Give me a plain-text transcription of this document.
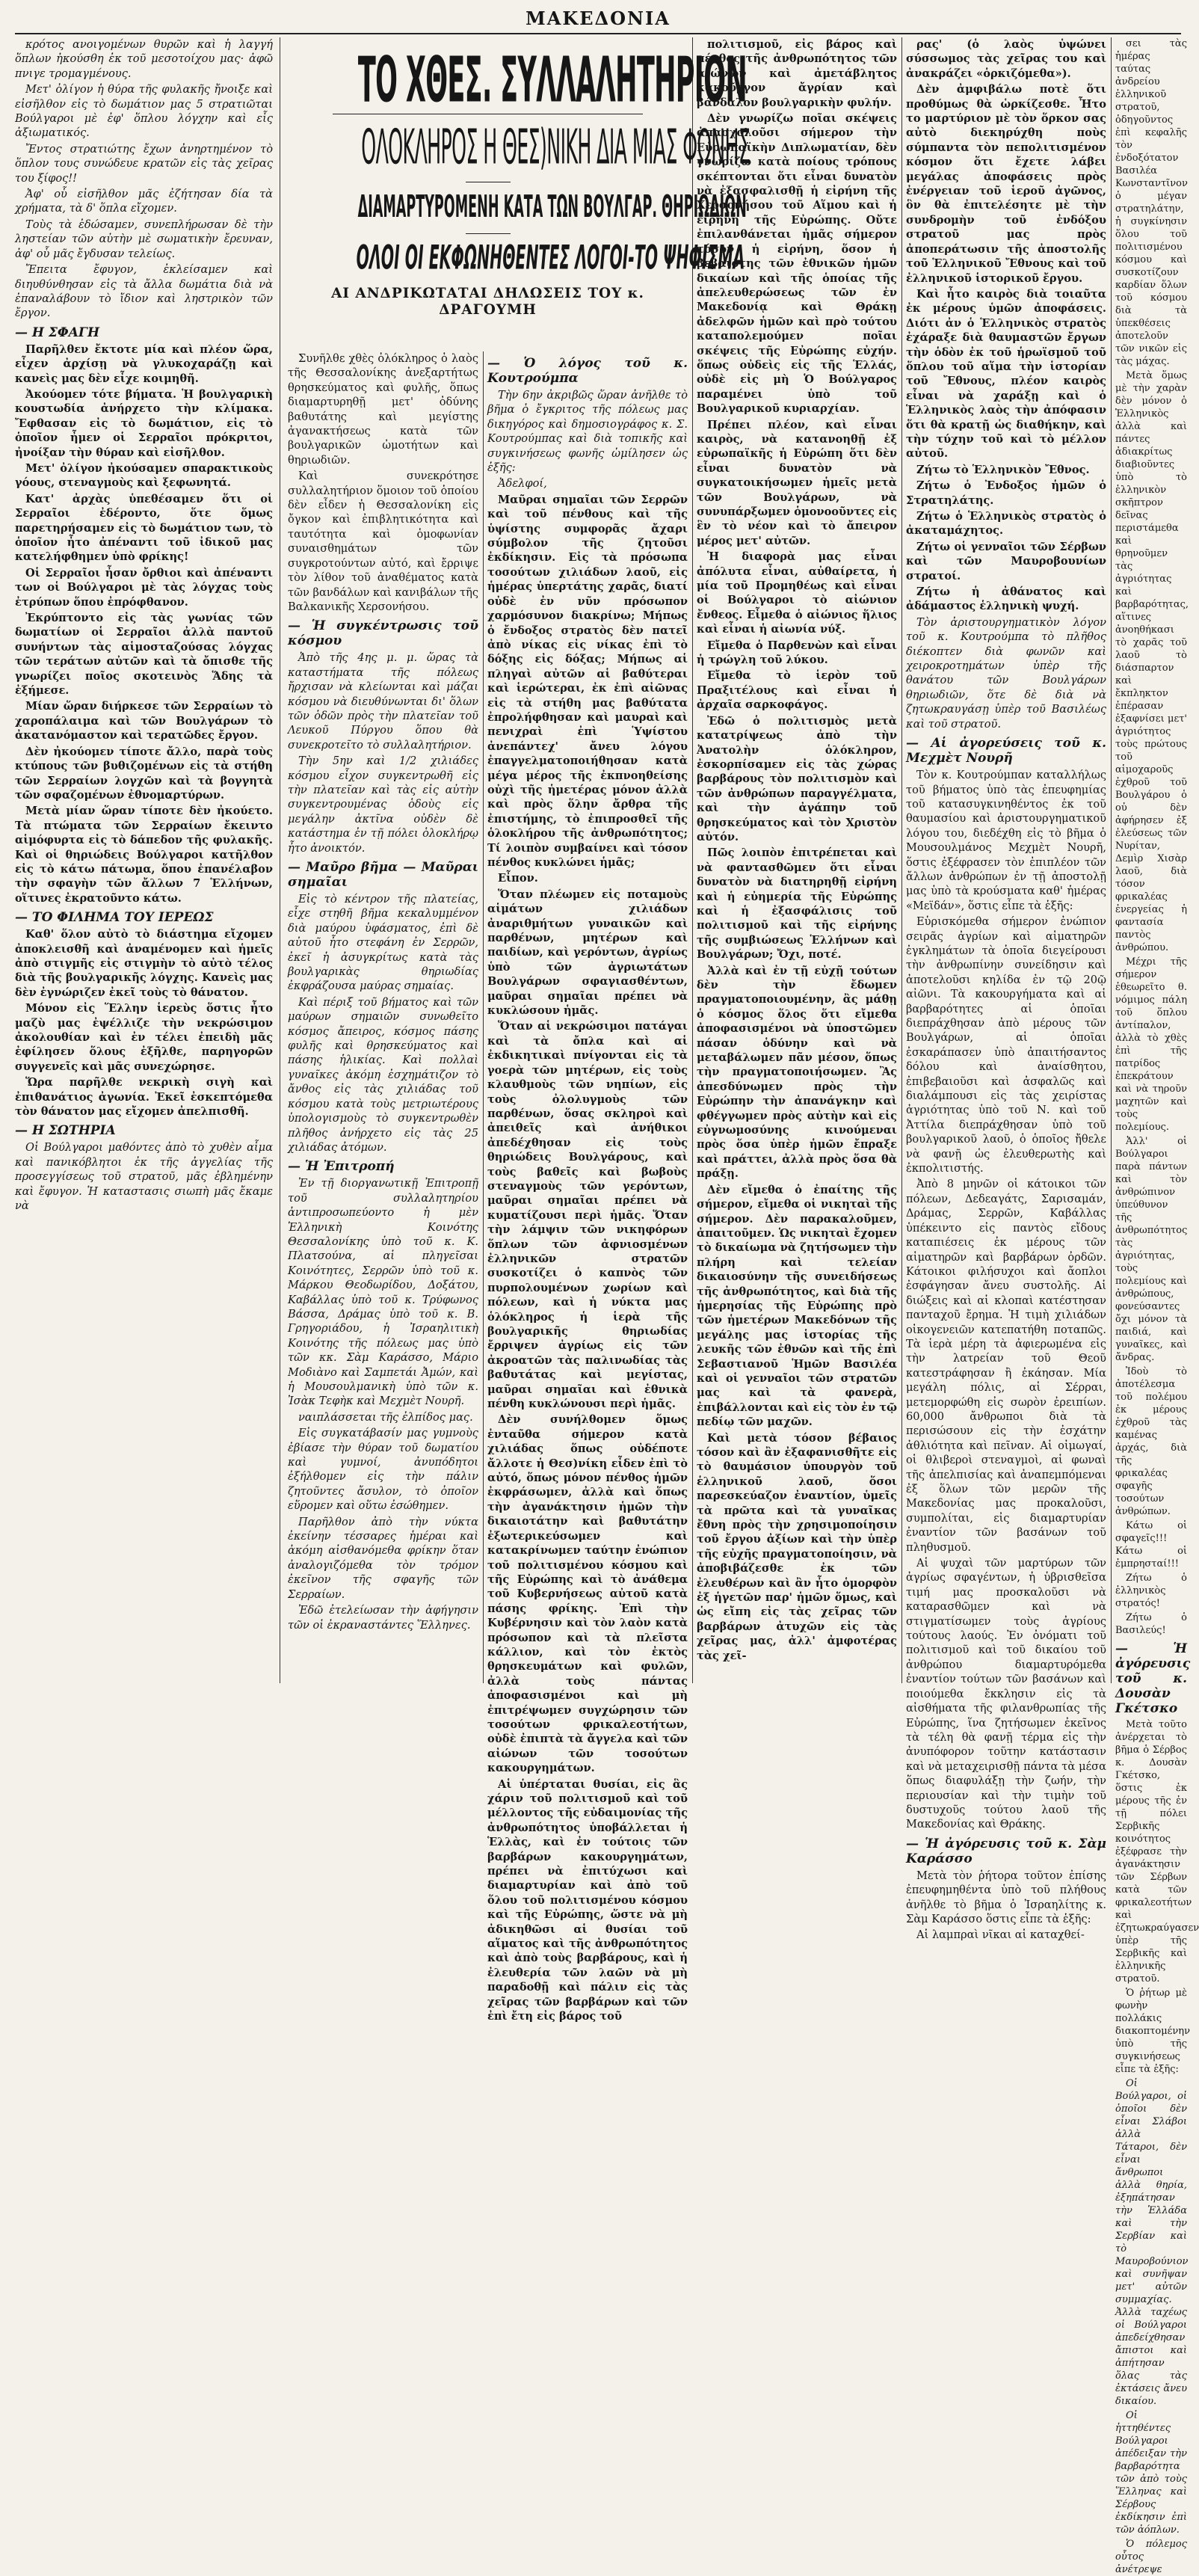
ΜΑΚΕΔΟΝΙΑ
ΤΟ ΧΘΕΣ. ΣΥΛΛΑΛΗΤΗΡΙΟΝ
ΟΛΟΚΛΗΡΟΣ Η ΘΕΣ)ΝΙΚΗ ΔΙΑ ΜΙΑΣ ΦΩΝΗΣ
ΔΙΑΜΑΡΤΥΡΟΜΕΝΗ ΚΑΤΑ ΤΩΝ ΒΟΥΛΓΑΡ. ΘΗΡΙΩΔΙΩΝ
ΟΛΟΙ ΟΙ ΕΚΦΩΝΗΘΕΝΤΕΣ ΛΟΓΟΙ-ΤΟ ΨΗΦΙΣΜΑ
ΑΙ ΑΝΔΡΙΚΩΤΑΤΑΙ ΔΗΛΩΣΕΙΣ ΤΟΥ κ. ΔΡΑΓΟΥΜΗ

κρότος ανοιγομένων θυρῶν καὶ ἡ λαγγή ὅπλων ἠκούσθη ἐκ τοῦ μεσοτοίχου μας· ἀφῶ πνιγε τρομαγμένους.

Μετ' ὀλίγον ἡ θύρα τῆς φυλακῆς ἤνοιξε καὶ εἰσῆλθον εἰς τὸ δωμάτιον μας 5 στρατιῶται Βούλγαροι μὲ ἐφ' ὅπλου λόγχην καὶ εἷς ἀξιωματικός.

Ἔντος στρατιώτης ἔχων ἀνηρτημένον τὸ ὅπλον τους συνώδευε κρατῶν εἰς τὰς χεῖρας του ξίφος!!

Ἀφ' οὗ εἰσῆλθον μᾶς ἐζήτησαν δία τὰ χρήματα, τὰ δ' ὅπλα εἴχομεν.

Τοὺς τὰ ἐδώσαμεν, συνεπλήρωσαν δὲ τὴν ληστείαν τῶν αὐτὴν μὲ σωματικὴν ἔρευναν, ἀφ' οὗ μᾶς ἔγδυσαν τελείως.

Ἔπειτα ἔφυγον, ἐκλείσαμεν καὶ διηυθύνθησαν εἰς τὰ ἄλλα δωμάτια διὰ νὰ ἐπαναλάβουν τὸ ἴδιον καὶ ληστρικὸν τῶν ἔργον.

— Η ΣΦΑΓΗ

Παρῆλθεν ἔκτοτε μία καὶ πλέον ὥρα, εἶχεν ἀρχίσῃ νὰ γλυκοχαράζῃ καὶ κανεὶς μας δὲν εἶχε κοιμηθῆ.

Ἀκούομεν τότε βήματα. Ἡ βουλγαρικὴ κουστωδία ἀνήρχετο τὴν κλίμακα. Ἔφθασαν εἰς τὸ δωμάτιον, εἰς τὸ ὁποῖον ἦμεν οἱ Σερραῖοι πρόκριτοι, ἠνοίξαν τὴν θύραν καὶ εἰσῆλθον.

Μετ' ὀλίγον ἠκούσαμεν σπαρακτικοὺς γόους, στεναγμοὺς καὶ ξεφωνητά.

Κατ' ἀρχὰς ὑπεθέσαμεν ὅτι οἱ Σερραῖοι ἐδέροντο, ὅτε ὅμως παρετηρήσαμεν εἰς τὸ δωμάτιον των, τὸ ὁποῖον ἦτο ἀπέναντι τοῦ ἰδικοῦ μας κατελήφθημεν ὑπὸ φρίκης!

Οἱ Σερραῖοι ἦσαν ὄρθιοι καὶ ἀπέναντι των οἱ Βούλγαροι μὲ τὰς λόγχας τοὺς ἐτρύπων ὅπου ἐπρόφθανον.

Ἐκρύπτοντο εἰς τὰς γωνίας τῶν δωματίων οἱ Σερραῖοι ἀλλὰ παντοῦ συνήντων τὰς αἱμοσταζούσας λόγχας τῶν τεράτων αὐτῶν καὶ τὰ ὄπισθε τῆς γνωρίζει ποῖος σκοτεινὸς Ἅδης τὰ ἐξήμεσε.

Μίαν ὥραν διήρκεσε τῶν Σερραίων τὸ χαροπάλαιμα καὶ τῶν Βουλγάρων τὸ ἀκατανόμαστον καὶ τερατῶδες ἔργον.

Δὲν ἠκούομεν τίποτε ἄλλο, παρὰ τοὺς κτύπους τῶν βυθιζομένων εἰς τὰ στήθη τῶν Σερραίων λογχῶν καὶ τὰ βογγητὰ τῶν σφαζομένων ἐθνομαρτύρων.

Μετὰ μίαν ὥραν τίποτε δὲν ἠκούετο. Τὰ πτώματα τῶν Σερραίων ἔκειντο αἱμόφυρτα εἰς τὸ δάπεδον τῆς φυλακῆς. Καὶ οἱ θηριώδεις Βούλγαροι κατῆλθον εἰς τὸ κάτω πάτωμα, ὅπου ἐπανέλαβον τὴν σφαγὴν τῶν ἄλλων 7 Ἑλλήνων, οἵτινες ἐκρατοῦντο κάτω.

— ΤΟ ΦΙΛΗΜΑ ΤΟΥ ΙΕΡΕΩΣ

Καθ' ὅλον αὐτὸ τὸ διάστημα εἴχομεν ἀποκλεισθῆ καὶ ἀναμένομεν καὶ ἡμεῖς ἀπὸ στιγμῆς εἰς στιγμὴν τὸ αὐτὸ τέλος διὰ τῆς βουλγαρικῆς λόγχης. Κανεὶς μας δὲν ἐγνώριζεν ἐκεῖ τοὺς τὸ θάνατον.

Μόνον εἰς Ἕλλην ἱερεὺς ὅστις ἦτο μαζὺ μας ἐψέλλιζε τὴν νεκρώσιμον ἀκολουθίαν καὶ ἐν τέλει ἐπειδὴ μᾶς ἐφίλησεν ὅλους ἐξῆλθε, παρηγορῶν συγγενεῖς καὶ μᾶς συνεχώρησε.

Ὥρα παρῆλθε νεκρικὴ σιγὴ καὶ ἐπιθανάτιος ἀγωνία. Ἐκεῖ ἐσκεπτόμεθα τὸν θάνατον μας εἴχομεν ἀπελπισθῆ.

— Η ΣΩΤΗΡΙΑ

Οἱ Βούλγαροι μαθόντες ἀπὸ τὸ χυθὲν αἷμα καὶ πανικόβλητοι ἐκ τῆς ἀγγελίας τῆς προσεγγίσεως τοῦ στρατοῦ, μᾶς ἐβλημένην καὶ ἔφυγον. Ἡ καταστασις σιωπὴ μᾶς ἔκαμε νὰ

Συνῆλθε χθὲς ὁλόκληρος ὁ λαὸς τῆς Θεσσαλονίκης ἀνεξαρτήτως θρησκεύματος καὶ φυλῆς, ὅπως διαμαρτυρηθῇ μετ' ὀδύνης βαθυτάτης καὶ μεγίστης ἀγανακτήσεως κατὰ τῶν βουλγαρικῶν ὠμοτήτων καὶ θηριωδιῶν.

Καὶ συνεκρότησε συλλαλητήριον ὅμοιον τοῦ ὁποίου δὲν εἶδεν ἡ Θεσσαλονίκη εἰς ὄγκον καὶ ἐπιβλητικότητα καὶ ταυτότητα καὶ ὁμοφωνίαν συναισθημάτων τῶν συγκροτούντων αὐτό, καὶ ἔρριψε τὸν λίθον τοῦ ἀναθέματος κατὰ τῶν βανδάλων καὶ κανιβάλων τῆς Βαλκανικῆς Χερσονήσου.

— Ἡ συγκέντρωσις τοῦ κόσμου

Ἀπὸ τῆς 4ης μ. μ. ὥρας τὰ καταστήματα τῆς πόλεως ἤρχισαν νὰ κλείωνται καὶ μάζαι κόσμου νὰ διευθύνωνται δι' ὅλων τῶν ὁδῶν πρὸς τὴν πλατεῖαν τοῦ Λευκοῦ Πύργου ὅπου θὰ συνεκροτεῖτο τὸ συλλαλητήριον.

Τὴν 5ην καὶ 1/2 χιλιάδες κόσμου εἶχον συγκεντρωθῆ εἰς τὴν πλατεῖαν καὶ τὰς εἰς αὐτὴν συγκεντρουμένας ὁδοὺς εἰς μεγάλην ἀκτῖνα οὐδὲν δὲ κατάστημα ἐν τῇ πόλει ὁλοκλήρῳ ἦτο ἀνοικτόν.

— Μαῦρο βῆμα — Μαῦραι σημαῖαι

Εἰς τὸ κέντρον τῆς πλατείας, εἶχε στηθῆ βῆμα κεκαλυμμένον διὰ μαύρου ὑφάσματος, ἐπὶ δὲ αὐτοῦ ἦτο στεφάνη ἐν Σερρῶν, ἐκεῖ ἡ ἀσυγκρίτως κατὰ τὰς βουλγαρικὰς θηριωδίας ἐκφράζουσα μαύρας σημαίας.

Καὶ πέριξ τοῦ βήματος καὶ τῶν μαύρων σημαιῶν συνωθεῖτο κόσμος ἄπειρος, κόσμος πάσης φυλῆς καὶ θρησκεύματος καὶ πάσης ἡλικίας. Καὶ πολλαὶ γυναῖκες ἀκόμη ἐσχημάτιζον τὸ ἄνθος εἰς τὰς χιλιάδας τοῦ κόσμου κατὰ τοὺς μετριωτέρους ὑπολογισμοὺς τὸ συγκεντρωθὲν πλῆθος ἀνήρχετο εἰς τὰς 25 χιλιάδας ἀτόμων.

— Ἡ Ἐπιτροπή

Ἐν τῇ διοργανωτικῇ Ἐπιτροπῇ τοῦ συλλαλητηρίου ἀντιπροσωπεύοντο ἡ μὲν Ἑλληνικὴ Κοινότης Θεσσαλονίκης ὑπὸ τοῦ κ. Κ. Πλατσούνα, αἱ πληγεῖσαι Κοινότητες, Σερρῶν ὑπὸ τοῦ κ. Μάρκου Θεοδωρίδου, Δοξάτου, Καβάλλας ὑπὸ τοῦ κ. Τρύφωνος Βάσσα, Δράμας ὑπὸ τοῦ κ. Β. Γρηγοριάδου, ἡ Ἰσραηλιτικὴ Κοινότης τῆς πόλεως μας ὑπὸ τῶν κκ. Σὰμ Καράσσο, Μάριο Μοδιὰνο καὶ Σαμπετάι Ἀμών, καὶ ἡ Μουσουλμανικὴ ὑπὸ τῶν κ. Ἰσὰκ Τεφὴκ καὶ Μεχμὲτ Νουρῆ.

ναιπλάσσεται τῆς ἐλπίδος μας.

Εἰς συγκατάβασίν μας γυμνοὺς ἐβίασε τὴν θύραν τοῦ δωματίου καὶ γυμνοί, ἀνυπόδητοι ἐξήλθομεν εἰς τὴν πάλιν ζητοῦντες ἄσυλον, τὸ ὁποῖον εὕρομεν καὶ οὕτω ἐσώθημεν.

Παρῆλθον ἀπὸ τὴν νύκτα ἐκείνην τέσσαρες ἡμέραι καὶ ἀκόμη αἰσθανόμεθα φρίκην ὅταν ἀναλογιζόμεθα τὸν τρόμον ἐκεῖνον τῆς σφαγῆς τῶν Σερραίων.

Ἐδῶ ἐτελείωσαν τὴν ἀφήγησιν τῶν οἱ ἐκραναστάντες Ἕλληνες.

— Ὁ λόγος τοῦ κ. Κουτρούμπα

Τὴν 6ην ἀκριβῶς ὥραν ἀνῆλθε τὸ βῆμα ὁ ἔγκριτος τῆς πόλεως μας δικηγόρος καὶ δημοσιογράφος κ. Σ. Κουτρούμπας καὶ διὰ τοπικῆς καὶ συγκινήσεως φωνῆς ὡμίλησεν ὡς ἑξῆς:

Ἀδελφοί,

Μαῦραι σημαῖαι τῶν Σερρῶν καὶ τοῦ πένθους καὶ τῆς ὑψίστης συμφορᾶς ἄχαρι σύμβολον τῆς ζητοῦσι ἐκδίκησιν. Εἰς τὰ πρόσωπα τοσούτων χιλιάδων λαοῦ, εἰς ἡμέρας ὑπερτάτης χαρᾶς, διατί οὐδὲ ἐν νῦν πρόσωπον χαρμόσυνον διακρίνω; Μήπως ὁ ἔνδοξος στρατὸς δὲν πατεῖ ἀπὸ νίκας εἰς νίκας ἐπὶ τὸ δόξης εἰς δόξας; Μήπως αἱ πληγαὶ αὐτῶν αἱ βαθύτεραι καὶ ἱερώτεραι, ἐκ ἐπὶ αἰῶνας εἰς τὰ στήθη μας βαθύτατα ἐπρολήφθησαν καὶ μαυραὶ καὶ πενιχραὶ ἐπὶ Ὑψίστου ἀνεπάντεχ' ἄνευ λόγου ἐπαγγελματοποιήθησαν κατὰ μέγα μέρος τῆς ἐκπνοηθείσης οὐχὶ τῆς ἡμετέρας μόνον ἀλλὰ καὶ πρὸς ὅλην ἄρθρα τῆς ἐπιστήμης, τὸ ἐπιπροσθεῖ τῆς ὁλοκλήρου τῆς ἀνθρωπότητος; Τί λοιπὸν συμβαίνει καὶ τόσον πένθος κυκλώνει ἡμᾶς;

Εἶπον.

Ὅταν πλέωμεν εἰς ποταμοὺς αἱμάτων χιλιάδων ἀναριθμήτων γυναικῶν καὶ παρθένων, μητέρων καὶ παιδίων, καὶ γερόντων, ἀγρίως ὑπὸ τῶν ἀγριωτάτων Βουλγάρων σφαγιασθέντων, μαῦραι σημαῖαι πρέπει νὰ κυκλώσουν ἡμᾶς.

Ὅταν αἱ νεκρώσιμοι πατάγαι καὶ τὰ ὄπλα καὶ αἱ ἐκδικητικαὶ πνίγονται εἰς τὰ γοερὰ τῶν μητέρων, εἰς τοὺς κλαυθμοὺς τῶν νηπίων, εἰς τοὺς ὀλολυγμοὺς τῶν παρθένων, ὅσας σκληροὶ καὶ ἀπειθεῖς καὶ ἀνήθικοι ἀπεδέχθησαν εἰς τοὺς θηριώδεις Βουλγάρους, καὶ τοὺς βαθεῖς καὶ βωβοὺς στεναγμοὺς τῶν γερόντων, μαῦραι σημαῖαι πρέπει νὰ κυματίζουσι περὶ ἡμᾶς. Ὅταν τὴν λάμψιν τῶν νικηφόρων ὅπλων τῶν ἀφνιοσμένων ἐλληνικῶν στρατῶν συσκοτίζει ὁ καπνὸς τῶν πυρπολουμένων χωρίων καὶ πόλεων, καὶ ἡ νύκτα μας ὁλόκληρος ἡ ἱερὰ τῆς βουλγαρικῆς θηριωδίας ἔρριψεν ἀγρίως εἰς τῶν ἀκροατῶν τὰς παλινωδίας τὰς βαθυτάτας καὶ μεγίστας, μαῦραι σημαῖαι καὶ ἐθνικὰ πένθη κυκλώνουσι περὶ ἡμᾶς.

Δὲν συνήλθομεν ὅμως ἐνταῦθα σήμερον κατὰ χιλιάδας ὅπως οὐδέποτε ἄλλοτε ἡ Θεσ)νίκη εἶδεν ἐπὶ τὸ αὐτό, ὅπως μόνον πένθος ἡμῶν ἐκφράσωμεν, ἀλλὰ καὶ ὅπως τὴν ἀγανάκτησιν ἡμῶν τὴν δικαιοτάτην καὶ βαθυτάτην ἐξωτερικεύσωμεν καὶ κατακρίνωμεν ταύτην ἐνώπιον τοῦ πολιτισμένου κόσμου καὶ τῆς Εὐρώπης καὶ τὸ ἀνάθεμα τοῦ Κυβερνήσεως αὐτοῦ κατὰ πάσης φρίκης. Ἐπὶ τὴν Κυβέρνησιν καὶ τὸν λαὸν κατὰ πρόσωπον καὶ τὰ πλεῖστα κάλλιον, καὶ τὸν ἐκτὸς θρησκευμάτων καὶ φυλῶν, ἀλλὰ τοὺς πάντας ἀποφασισμένοι καὶ μὴ ἐπιτρέψωμεν συγχώρησιν τῶν τοσούτων φρικαλεοτήτων, οὐδὲ ἐπιπτὰ τὰ ἄγγελα καὶ τῶν αἰώνων τῶν τοσούτων κακουργημάτων.

Αἱ ὑπέρταται θυσίαι, εἰς ἃς χάριν τοῦ πολιτισμοῦ καὶ τοῦ μέλλοντος τῆς εὐδαιμονίας τῆς ἀνθρωπότητος ὑποβάλλεται ἡ Ἑλλὰς, καὶ ἐν τούτοις τῶν βαρβάρων κακουργημάτων, πρέπει νὰ ἐπιτύχωσι καὶ διαμαρτυρίαν καὶ ἀπὸ τοῦ ὅλου τοῦ πολιτισμένου κόσμου καὶ τῆς Εὐρώπης, ὥστε νὰ μὴ ἀδικηθῶσι αἱ θυσίαι τοῦ αἵματος καὶ τῆς ἀνθρωπότητος καὶ ἀπὸ τοὺς βαρβάρους, καὶ ἡ ἐλευθερία τῶν λαῶν νὰ μὴ παραδοθῇ καὶ πάλιν εἰς τὰς χεῖρας τῶν βαρβάρων καὶ τῶν ἐπὶ ἔτη εἰς βάρος τοῦ

πολιτισμοῦ, εἰς βάρος καὶ πένθος τῆς ἀνθρωπότητος τῶν αἰώνων καὶ ἀμετάβλητος κακοῦργον ἄγρίαν καὶ βάνδαλον βουλγαρικὴν φυλήν.

Δὲν γνωρίζω ποῖαι σκέψεις ἀπασχολοῦσι σήμερον τὴν Εὐρωπαϊκὴν Διπλωματίαν, δὲν γνωρίζω κατὰ ποίους τρόπους σκέπτονται ὅτι εἶναι δυνατὸν νὰ ἐξασφαλισθῇ ἡ εἰρήνη τῆς Χερσονήσου τοῦ Αἵμου καὶ ἡ εἰρήνη τῆς Εὐρώπης. Οὔτε ἐπιλανθάνεται ἡμᾶς σήμερον τόσον ἡ εἰρήνη, ὅσον ἡ βεβαιότης τῶν ἐθνικῶν ἡμῶν δικαίων καὶ τῆς ὁποίας τῆς ἀπελευθερώσεως τῶν ἐν Μακεδονίᾳ καὶ Θράκῃ ἀδελφῶν ἡμῶν καὶ πρὸ τούτου καταπολεμούμεν ποῖαι σκέψεις τῆς Εὐρώπης εὐχήν. ὅπως οὐδεὶς εἰς τῆς Ἑλλάς, οὐδὲ εἰς μὴ Ὁ Βούλγαρος παραμένει ὑπὸ τοῦ Βουλγαρικοῦ κυριαρχίαν.

Πρέπει πλέον, καὶ εἶναι καιρὸς, νὰ κατανοηθῇ ἐξ εὐρωπαϊκῆς ἡ Εὐρώπη ὅτι δὲν εἶναι δυνατὸν νὰ συγκατοικήσωμεν ἡμεῖς μετὰ τῶν Βουλγάρων, νὰ συνυπάρξωμεν ὁμονοοῦντες εἰς ἓν τὸ νέον καὶ τὸ ἄπειρον μέρος μετ' αὐτῶν.

Ἡ διαφορὰ μας εἶναι ἀπόλυτα εἶναι, αὐθαίρετα, ἡ μία τοῦ Προμηθέως καὶ εἶναι οἱ Βούλγαροι τὸ αἰώνιον ἔνθεος. Εἶμεθα ὁ αἰώνιος ἥλιος καὶ εἶναι ἡ αἰωνία νύξ.

Εἴμεθα ὁ Παρθενὼν καὶ εἶναι ἡ τρώγλη τοῦ λύκου.

Εἴμεθα τὸ ἱερὸν τοῦ Πραξιτέλους καὶ εἶναι ἡ ἀρχαῖα σαρκοφάγος.

Ἐδῶ ὁ πολιτισμὸς μετὰ κατατρίψεως ἀπὸ τὴν Ἀνατολὴν ὁλόκληρον, ἐσκορπίσαμεν εἰς τὰς χώρας βαρβάρους τὸν πολιτισμὸν καὶ τῶν ἀνθρώπων παραγγέλματα, καὶ τὴν ἀγάπην τοῦ θρησκεύματος καὶ τὸν Χριστὸν αὐτόν.

Πῶς λοιπὸν ἐπιτρέπεται καὶ νὰ φαντασθῶμεν ὅτι εἶναι δυνατὸν νὰ διατηρηθῇ εἰρήνη καὶ ἡ εὐημερία τῆς Εὐρώπης καὶ ἡ ἐξασφάλισις τοῦ πολιτισμοῦ καὶ τῆς εἰρήνης τῆς συμβιώσεως Ἑλλήνων καὶ Βουλγάρων; Ὄχι, ποτέ.

Ἀλλὰ καὶ ἐν τῇ εὐχῇ τούτων δὲν τὴν ἔδωμεν πραγματοποιουμένην, ἂς μάθῃ ὁ κόσμος ὅλος ὅτι εἴμεθα ἀποφασισμένοι νὰ ὑποστῶμεν πάσαν ὁδύνην καὶ νὰ μεταβάλωμεν πᾶν μέσον, ὅπως τὴν πραγματοποιήσωμεν. Ἂς ἀπεσδύνωμεν πρὸς τὴν Εὐρώπην τὴν ἀπανάγκην καὶ φθέγγωμεν πρὸς αὐτὴν καὶ εἰς εὐγνωμοσύνης κινούμεναι πρὸς ὅσα ὑπὲρ ἡμῶν ἔπραξε καὶ πράττει, ἀλλὰ πρὸς ὅσα θὰ πράξῃ.

Δὲν εἴμεθα ὁ ἐπαίτης τῆς σήμερον, εἴμεθα οἱ νικηταὶ τῆς σήμερον. Δὲν παρακαλοῦμεν, ἀπαιτοῦμεν. Ὡς νικηταὶ ἔχομεν τὸ δικαίωμα νὰ ζητήσωμεν τὴν πλήρη καὶ τελείαν δικαιοσύνην τῆς συνειδήσεως τῆς ἀνθρωπότητος, καὶ διὰ τῆς ἡμερησίας τῆς Εὐρώπης πρὸ τῶν ἡμετέρων Μακεδόνων τῆς μεγάλης μας ἱστορίας τῆς λευκῆς τῶν ἐθνῶν καὶ τῆς ἐπὶ Σεβαστιανοῦ Ἡμῶν Βασιλέα καὶ οἱ γενναῖοι τῶν στρατῶν μας καὶ τὰ φανερὰ, ἐπιβάλλονται καὶ εἰς τὸν ἐν τῷ πεδίῳ τῶν μαχῶν.

Καὶ μετὰ τόσον βέβαιος τόσον καὶ ἂν ἐξαφανισθῆτε εἰς τὸ θαυμάσιον ὑπουργὸν τοῦ ἑλληνικοῦ λαοῦ, ὅσοι παρεσκεύαζον ἐναντίον, ὑμεῖς τὰ πρῶτα καὶ τὰ γυναῖκας ἔθνη πρὸς τὴν χρησιμοποίησιν τοῦ ἔργου ἀξίων καὶ τὴν ὑπὲρ τῆς εὐχῆς πραγματοποίησιν, νὰ ἀποβιβάζεσθε ἐκ τῶν ἐλευθέρων καὶ ἂν ἦτο ὁμορφὸν ἐξ ἡγετῶν παρ' ἡμῶν ὅμως, καὶ ὡς εἴπη εἰς τὰς χεῖρας τῶν βαρβάρων ἀτυχῶν εἰς τὰς χεῖρας μας, ἀλλ' ἀμφοτέρας τὰς χεῖ-

ρας' (ὁ λαὸς ὑψώνει σύσσωμος τὰς χεῖρας του καὶ ἀνακράζει «ὁρκιζόμεθα»).

Δὲν ἀμφιβάλω ποτὲ ὅτι προθύμως θὰ ὡρκίζεσθε. Ἦτο το μαρτύριον μὲ τὸν ὅρκον σας αὐτὸ διεκηρύχθη ποὺς σύμπαντα τὸν πεπολιτισμένον κόσμον ὅτι ἔχετε λάβει μεγάλας ἀποφάσεις πρὸς ἐνέργειαν τοῦ ἱεροῦ ἀγῶνος, ὃν θὰ ἐπιτελέσητε μὲ τὴν συνδρομὴν τοῦ ἐνδόξου στρατοῦ μας πρὸς ἀποπεράτωσιν τῆς ἀποστολῆς τοῦ Ἑλληνικοῦ Ἔθνους καὶ τοῦ ἐλληνικοῦ ἱστορικοῦ ἔργου.

Καὶ ἦτο καιρὸς διὰ τοιαῦτα ἐκ μέρους ὑμῶν ἀποφάσεις. Διότι ἀν ὁ Ἑλληνικὸς στρατὸς ἐχάραξε διὰ θαυμαστῶν ἔργων τὴν ὁδὸν ἐκ τοῦ ἡρωϊσμοῦ τοῦ ὅπλου τοῦ αἵμα τὴν ἱστορίαν τοῦ Ἔθνους, πλέον καιρὸς εἶναι νὰ χαράξῃ καὶ ὁ Ἑλληνικὸς λαὸς τὴν ἀπόφασιν ὅτι θὰ κρατῇ ὡς διαθήκην, καὶ τὴν τύχην τοῦ καὶ τὸ μέλλον αὐτοῦ.

Ζήτω τὸ Ἑλληνικὸν Ἔθνος.

Ζήτω ὁ Ἐνδοξος ἡμῶν ὁ Στρατηλάτης.

Ζήτω ὁ Ἑλληνικὸς στρατὸς ὁ ἀκαταμάχητος.

Ζήτω οἱ γενναῖοι τῶν Σέρβων καὶ τῶν Μαυροβουνίων στρατοί.

Ζήτω ἡ ἀθάνατος καὶ ἀδάμαστος ἑλληνικὴ ψυχή.

Τὸν ἀριστουργηματικὸν λόγον τοῦ κ. Κουτρούμπα τὸ πλῆθος διέκοπτεν διὰ φωνῶν καὶ χειροκροτημάτων ὑπὲρ τῆς θανάτου τῶν Βουλγάρων θηριωδιῶν, ὅτε δὲ διὰ νὰ ζητωκραυγάσῃ ὑπὲρ τοῦ Βασιλέως καὶ τοῦ στρατοῦ.

— Αἱ ἀγορεύσεις τοῦ κ. Μεχμὲτ Νουρῆ

Τὸν κ. Κουτρούμπαν καταλλήλως τοῦ βήματος ὑπὸ τὰς ἐπευφημίας τοῦ κατασυγκινηθέντος ἐκ τοῦ θαυμασίου καὶ ἀριστουργηματικοῦ λόγου του, διεδέχθη εἰς τὸ βῆμα ὁ Μουσουλμάνος Μεχμὲτ Νουρῆ, ὅστις ἐξέφρασεν τὸν ἐπιπλέον τῶν ἄλλων ἀνθρώπων ἐν τῇ ἀποστολῇ μας ὑπὸ τὰ κρούσματα καθ' ἡμέρας «Μεϊδάν», ὅστις εἶπε τὰ ἑξῆς:

Εὑρισκόμεθα σήμερον ἐνώπιον σειρᾶς ἀγρίων καὶ αἱματηρῶν ἐγκλημάτων τὰ ὁποῖα διεγείρουσι τὴν ἀνθρωπίνην συνείδησιν καὶ ἀποτελοῦσι κηλίδα ἐν τῷ 20ῷ αἰῶνι. Τὰ κακουργήματα καὶ αἱ βαρβαρότητες αἱ ὁποῖαι διεπράχθησαν ἀπὸ μέρους τῶν Βουλγάρων, αἱ ὁποῖαι ἐσκαράπασεν ὑπὸ ἀπαιτήσαντος δόλου καὶ ἀναίσθητου, ἐπιβεβαιοῦσι καὶ ἀσφαλῶς καὶ διαλάμπουσι εἰς τὰς χειρίστας ἀγριότητας ὑπὸ τοῦ Ν. καὶ τοῦ Ἀττίλα διεπράχθησαν ὑπὸ τοῦ βουλγαρικοῦ λαοῦ, ὁ ὁποῖος ἤθελε νὰ φανῇ ὡς ἐλευθερωτὴς καὶ ἐκπολιτιστής.

Ἀπὸ 8 μηνῶν οἱ κάτοικοι τῶν πόλεων, Δεδεαγάτς, Σαρισαμάν, Δράμας, Σερρῶν, Καβάλλας ὑπέκειντο εἰς παντὸς εἴδους καταπιέσεις ἐκ μέρους τῶν αἱματηρῶν καὶ βαρβάρων ὀρδῶν. Κάτοικοι φιλήσυχοι καὶ ἄοπλοι ἐσφάγησαν ἄνευ συστολῆς. Αἱ διώξεις καὶ αἱ κλοπαὶ κατέστησαν πανταχοῦ ἔρημα. Ἡ τιμὴ χιλιάδων οἰκογενειῶν κατεπατήθη ποταπῶς. Τὰ ἱερὰ μέρη τὰ ἀφιερωμένα εἰς τὴν λατρείαν τοῦ Θεοῦ κατεστράφησαν ἢ ἐκάησαν. Μία μεγάλη πόλις, αἱ Σέρραι, μετεμορφώθη εἰς σωρὸν ἐρειπίων. 60,000 ἄνθρωποι διὰ τὰ περισώσουν εἰς τὴν ἐσχάτην ἀθλιότητα καὶ πεῖναν. Αἱ οἰμωγαί, οἱ θλιβεροὶ στεναγμοὶ, αἱ φωναὶ τῆς ἀπελπισίας καὶ ἀναπεμπόμεναι ἐξ ὅλων τῶν μερῶν τῆς Μακεδονίας μας προκαλοῦσι, συμπολίται, εἰς διαμαρτυρίαν ἐναντίον τῶν βασάνων τοῦ πληθυσμοῦ.

Αἱ ψυχαὶ τῶν μαρτύρων τῶν ἀγρίως σφαγέντων, ἡ ὑβρισθεῖσα τιμή μας προσκαλοῦσι νὰ καταρασθῶμεν καὶ νὰ στιγματίσωμεν τοὺς ἀγρίους τούτους λαούς. Ἐν ὀνόματι τοῦ πολιτισμοῦ καὶ τοῦ δικαίου τοῦ ἀνθρώπου διαμαρτυρόμεθα ἐναντίον τούτων τῶν βασάνων καὶ ποιούμεθα ἔκκλησιν εἰς τὰ αἰσθήματα τῆς φιλανθρωπίας τῆς Εὐρώπης, ἵνα ζητήσωμεν ἐκεῖνος τὰ τέλη θὰ φανῇ τέρμα εἰς τὴν ἀνυπόφορον τοῦτην κατάστασιν καὶ νὰ μεταχειρισθῇ πάντα τὰ μέσα ὅπως διαφυλάξῃ τὴν ζωήν, τὴν περιουσίαν καὶ τὴν τιμὴν τοῦ δυστυχοῦς τούτου λαοῦ τῆς Μακεδονίας καὶ Θράκης.

— Ἡ ἀγόρευσις τοῦ κ. Σὰμ Καράσσο

Μετὰ τὸν ῥήτορα τοῦτον ἐπίσης ἐπευφημηθέντα ὑπὸ τοῦ πλήθους ἀνῆλθε τὸ βῆμα ὁ Ἰσραηλίτης κ. Σὰμ Καράσσο ὅστις εἶπε τὰ ἑξῆς:

Αἱ λαμπραὶ νῖκαι αἱ καταχθεί-

σει τὰς ἡμέρας ταύτας ἀνδρείου ἑλληνικοῦ στρατοῦ, ὁδηγοῦντος ἐπὶ κεφαλῆς τὸν ἐνδοξότατον Βασιλέα Κωνσταντῖνον ὁ μέγαν στρατηλάτην, ἡ συγκίνησιν ὅλου τοῦ πολιτισμένου κόσμου καὶ συσκοτίζουν καρδίαν ὅλων τοῦ κόσμου διὰ τὰ ὑπεκθέσεις ἀποτελοῦν τῶν νικῶν εἰς τὰς μάχας.

Μετὰ ὅμως μὲ τὴν χαρὰν δὲν μόνον ὁ Ἑλληνικὸς ἀλλὰ καὶ πάντες ἀδιακρίτως διαβιοῦντες ὑπὸ τὸ ἑλληνικὸν σκῆπτρον δεῖνας περιστάμεθα καὶ θρηνοῦμεν τὰς ἀγριότητας καὶ βαρβαρότητας, αἵτινες ἀνοηθήκασι τὸ χαρᾶς τοῦ λαοῦ τὸ διάσπαρτον καὶ ἔκπληκτον ἐπέρασαν ἐξαφνίσει μετ' ἀγριότητος τοὺς πρώτους τοῦ αἱμοχαροῦς ἐχθροῦ τοῦ Βουλγάρου ὁ οὐ δὲν ἀφήρησεν ἐξ ἐλεύσεως τῶν Νυρίταν, Δεμὶρ Χισὰρ λαοῦ, διὰ τόσον φρικαλέας ἐνεργείας ἡ φαντασία παντὸς ἀνθρώπου.

Μέχρι τῆς σήμερον ἐθεωρεῖτο θ. νόμιμος πάλη τοῦ ὅπλου ἀντίπαλον, ἀλλὰ τὸ χθὲς ἐπὶ τῆς πατρίδος ἐπεκράτουν καὶ νὰ τηροῦν μαχητῶν καὶ τοὺς πολεμίους.

Ἀλλ' οἱ Βούλγαροι παρὰ πάντων καὶ τὸν ἀνθρώπινον ὑπεύθυνον τῆς ἀνθρωπότητος τὰς ἀγριότητας, τοὺς πολεμίους καὶ ἀνθρώπους, φονεύσαντες ὄχι μόνον τὰ παιδιά, καὶ γυναῖκες, καὶ ἄνδρας.

Ἰδοὺ τὸ ἀποτέλεσμα τοῦ πολέμου ἐκ μέρους ἐχθροῦ τὰς καμένας ἀρχάς, διὰ τῆς φρικαλέας σφαγῆς τοσούτων ἀνθρώπων.

Κάτω οἱ σφαγεῖς!!! Κάτω οἱ ἐμπρησταί!!!

Ζήτω ὁ ἑλληνικὸς στρατός!

Ζήτω ὁ Βασιλεύς!

— Ἡ ἀγόρευσις τοῦ κ. Δουσὰν Γκέτσκο

Μετὰ τοῦτο ἀνέρχεται τὸ βῆμα ὁ Σέρβος κ. Δουσὰν Γκέτσκο, ὅστις ἐκ μέρους τῆς ἐν τῇ πόλει Σερβικῆς κοινότητος ἐξέφρασε τὴν ἀγανάκτησιν τῶν Σέρβων κατὰ τῶν φρικαλεοτήτων καὶ ἐζητωκραύγασεν ὑπὲρ τῆς Σερβικῆς καὶ ἑλληνικῆς στρατοῦ.

Ὁ ῥήτωρ μὲ φωνὴν πολλάκις διακοπτομένην ὑπὸ τῆς συγκινήσεως εἶπε τὰ ἑξῆς:

Οἱ Βούλγαροι, οἱ ὁποῖοι δὲν εἶναι Σλάβοι ἀλλὰ Τάταροι, δὲν εἶναι ἄνθρωποι ἀλλὰ θηρία, ἐξηπάτησαν τὴν Ἑλλάδα καὶ τὴν Σερβίαν καὶ τὸ Μαυροβούνιον καὶ συνῆψαν μετ' αὐτῶν συμμαχίας. Ἀλλὰ ταχέως οἱ Βούλγαροι ἀπεδείχθησαν ἄπιστοι καὶ ἀπήτησαν ὅλας τὰς ἐκτάσεις ἄνευ δικαίου.

Οἱ ἡττηθέντες Βούλγαροι ἀπέδειξαν τὴν βαρβαρότητα τῶν ἀπὸ τοὺς Ἕλληνας καὶ Σέρβους ἐκδίκησιν ἐπὶ τῶν ἀόπλων.

Ὁ πόλεμος οὗτος ἀνέτρεψε
